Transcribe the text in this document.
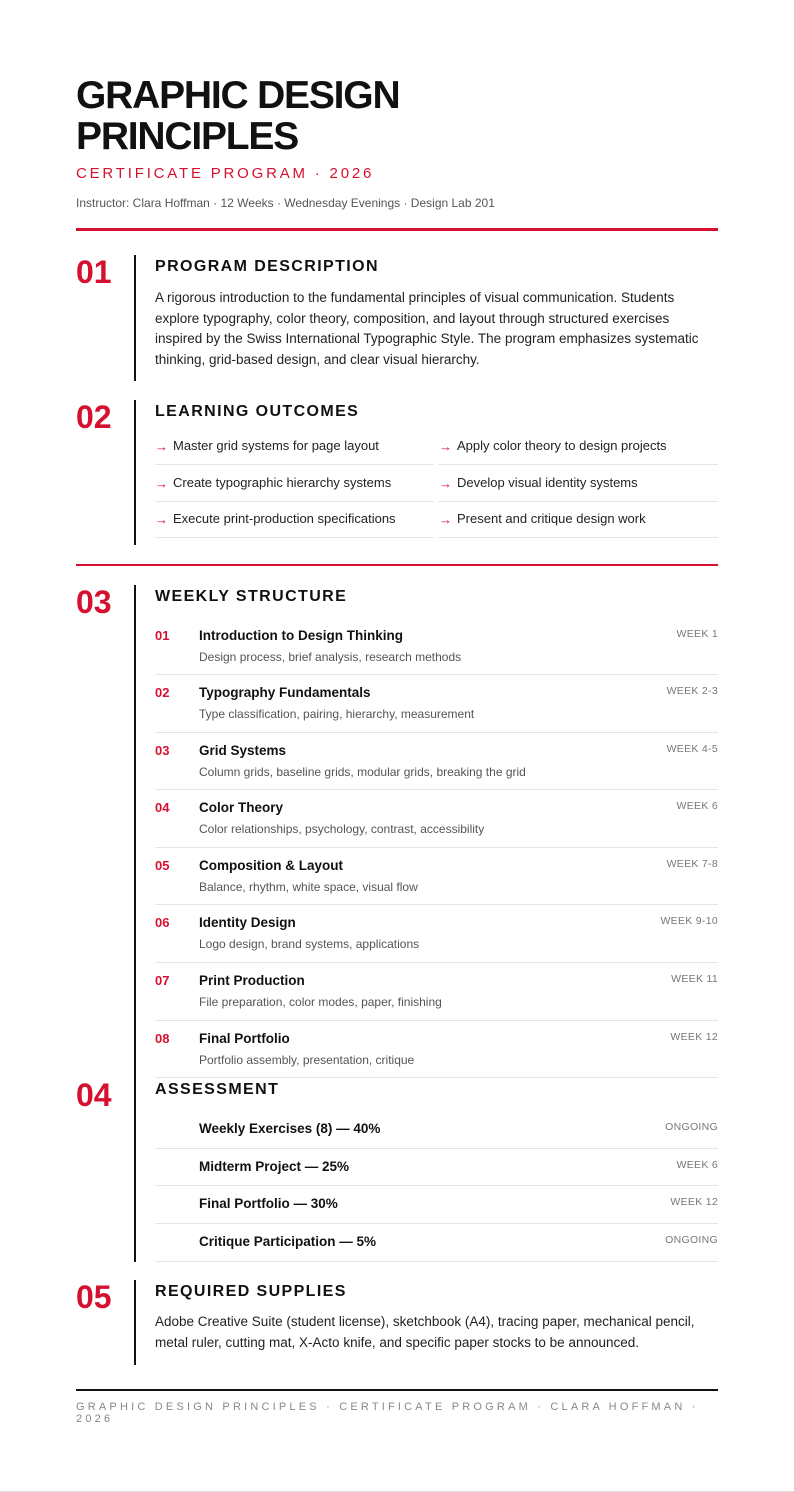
GRAPHIC DESIGN
PRINCIPLES
CERTIFICATE PROGRAM · 2026
Instructor: Clara Hoffman · 12 Weeks · Wednesday Evenings · Design Lab 201
01	PROGRAM DESCRIPTION
A rigorous introduction to the fundamental principles of visual communication. Students explore typography, color theory, composition, and layout through structured exercises inspired by the Swiss International Typographic Style. The program emphasizes systematic thinking, grid-based design, and clear visual hierarchy.
02	LEARNING OUTCOMES
→ Master grid systems for page layout	→ Apply color theory to design projects
→ Create typographic hierarchy systems	→ Develop visual identity systems
→ Execute print-production specifications	→ Present and critique design work
03	WEEKLY STRUCTURE
01 Introduction to Design Thinking
Design process, brief analysis, research methods
WEEK 1
02 Typography Fundamentals
Type classification, pairing, hierarchy, measurement
WEEK 2-3
03 Grid Systems
Column grids, baseline grids, modular grids, breaking the grid
WEEK 4-5
04 Color Theory
Color relationships, psychology, contrast, accessibility
WEEK 6
05 Composition & Layout
Balance, rhythm, white space, visual flow
WEEK 7-8
06 Identity Design
Logo design, brand systems, applications
WEEK 9-10
07 Print Production
File preparation, color modes, paper, finishing
WEEK 11
08 Final Portfolio
Portfolio assembly, presentation, critique
WEEK 12
04	ASSESSMENT
Weekly Exercises (8) — 40%	ONGOING
Midterm Project — 25%	WEEK 6
Final Portfolio — 30%	WEEK 12
Critique Participation — 5%	ONGOING
05	REQUIRED SUPPLIES
Adobe Creative Suite (student license), sketchbook (A4), tracing paper, mechanical pencil, metal ruler, cutting mat, X-Acto knife, and specific paper stocks to be announced.
GRAPHIC DESIGN PRINCIPLES · CERTIFICATE PROGRAM · CLARA HOFFMAN · 2026
